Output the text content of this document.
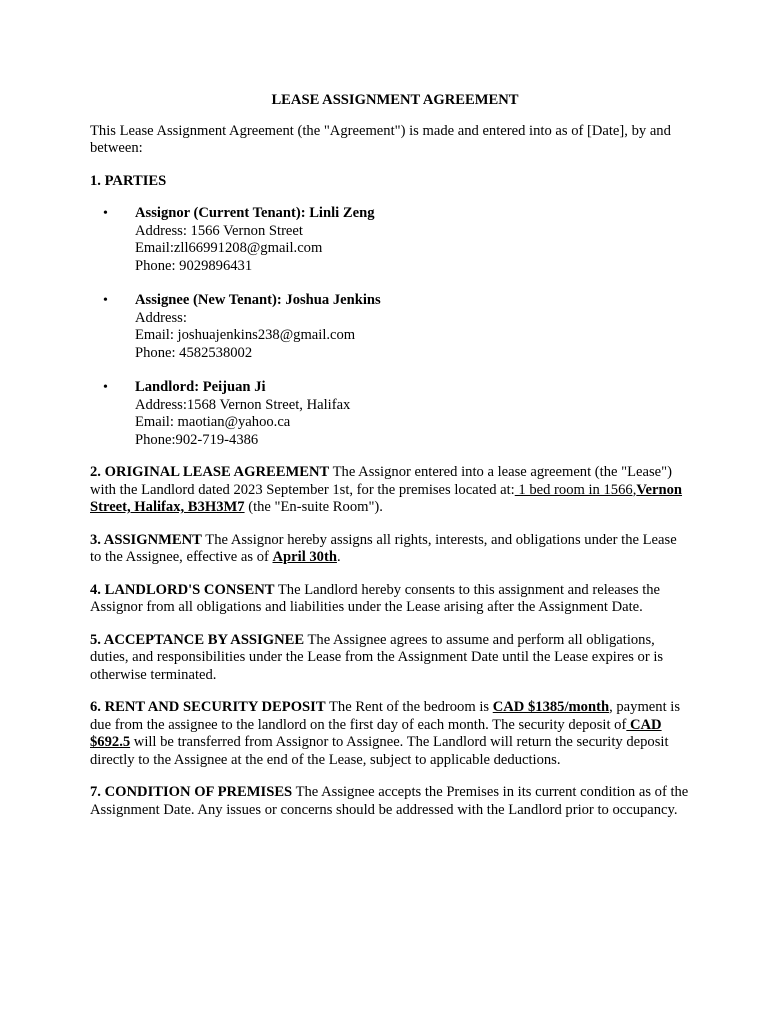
LEASE ASSIGNMENT AGREEMENT

This Lease Assignment Agreement (the "Agreement") is made and entered into as of [Date], by and between:

1. PARTIES

• Assignor (Current Tenant): Linli Zeng
Address: 1566 Vernon Street
Email:zll66991208@gmail.com
Phone: 9029896431
• Assignee (New Tenant): Joshua Jenkins
Address:
Email: joshuajenkins238@gmail.com
Phone: 4582538002
• Landlord: Peijuan Ji
Address:1568 Vernon Street, Halifax
Email: maotian@yahoo.ca
Phone:902-719-4386

2. ORIGINAL LEASE AGREEMENT The Assignor entered into a lease agreement (the "Lease") with the Landlord dated 2023 September 1st, for the premises located at: 1 bed room in 1566,Vernon Street, Halifax, B3H3M7 (the "En-suite Room").

3. ASSIGNMENT The Assignor hereby assigns all rights, interests, and obligations under the Lease to the Assignee, effective as of April 30th.

4. LANDLORD'S CONSENT The Landlord hereby consents to this assignment and releases the Assignor from all obligations and liabilities under the Lease arising after the Assignment Date.

5. ACCEPTANCE BY ASSIGNEE The Assignee agrees to assume and perform all obligations, duties, and responsibilities under the Lease from the Assignment Date until the Lease expires or is otherwise terminated.

6. RENT AND SECURITY DEPOSIT The Rent of the bedroom is CAD $1385/month, payment is due from the assignee to the landlord on the first day of each month. The security deposit of CAD $692.5 will be transferred from Assignor to Assignee. The Landlord will return the security deposit directly to the Assignee at the end of the Lease, subject to applicable deductions.

7. CONDITION OF PREMISES The Assignee accepts the Premises in its current condition as of the Assignment Date. Any issues or concerns should be addressed with the Landlord prior to occupancy.
